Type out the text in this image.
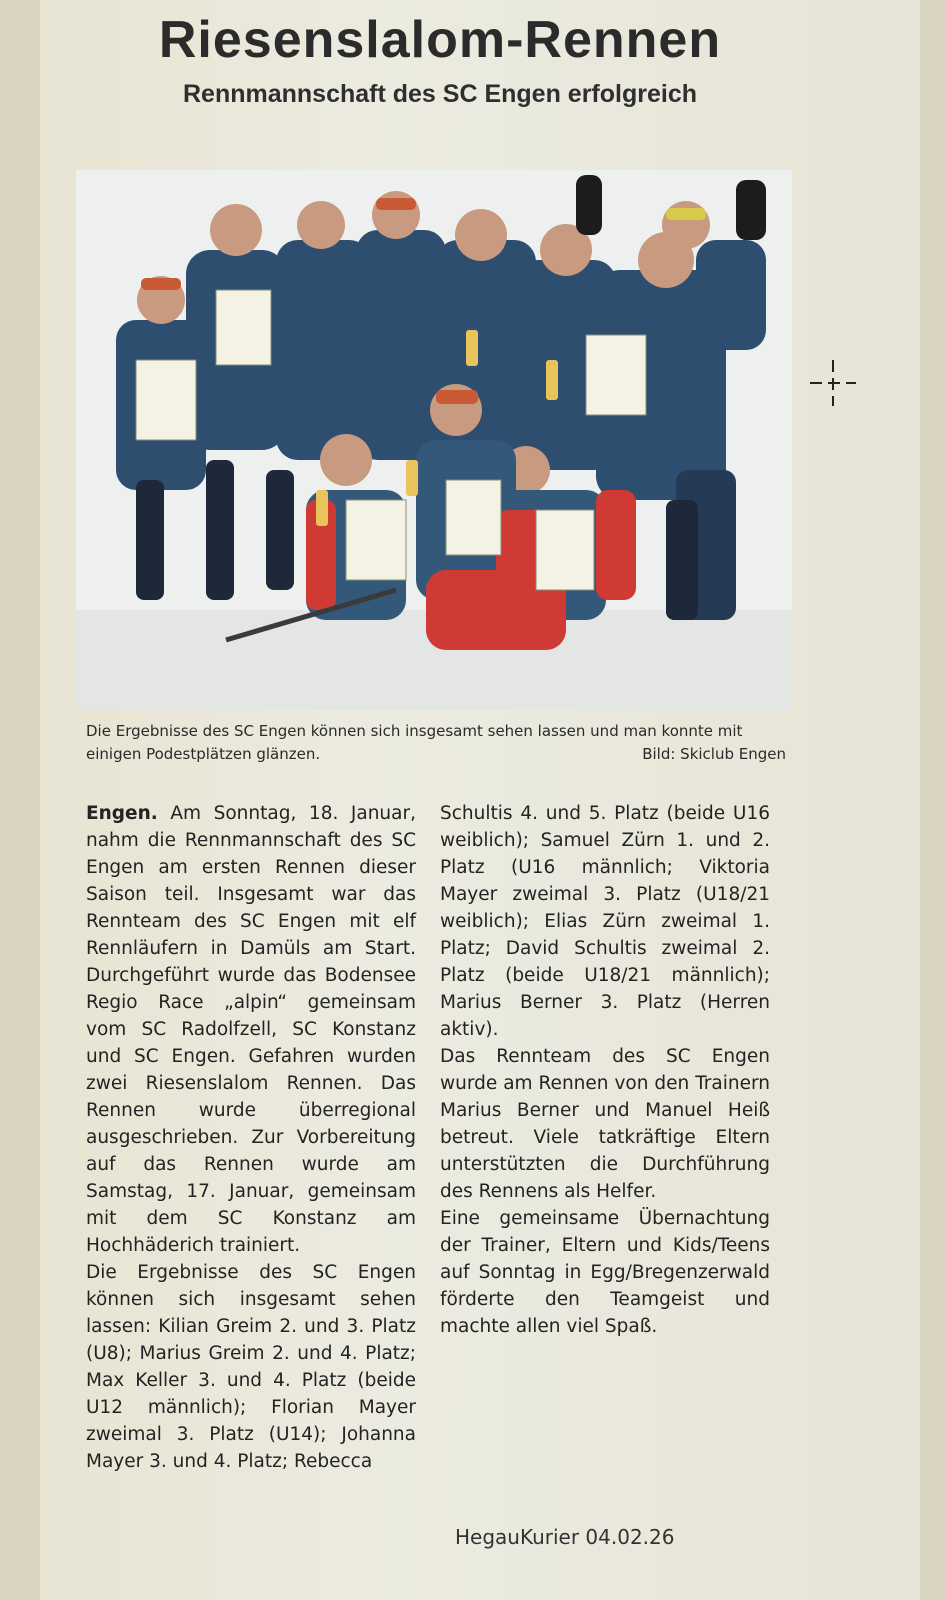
Riesenslalom-Rennen
Rennmannschaft des SC Engen erfolgreich
Die Ergebnisse des SC Engen können sich insgesamt sehen lassen und man konnte mit einigen Podestplätzen glänzen.	Bild: Skiclub Engen

Engen. Am Sonntag, 18. Januar, nahm die Rennmannschaft des SC Engen am ersten Rennen dieser Saison teil. Insgesamt war das Rennteam des SC Engen mit elf Rennläufern in Damüls am Start. Durchgeführt wurde das Bodensee Regio Race „alpin“ gemeinsam vom SC Radolfzell, SC Konstanz und SC Engen. Gefahren wurden zwei Riesenslalom Rennen. Das Rennen wurde überregional ausgeschrieben. Zur Vorbereitung auf das Rennen wurde am Samstag, 17. Januar, gemeinsam mit dem SC Konstanz am Hochhäderich trainiert.

Die Ergebnisse des SC Engen können sich insgesamt sehen lassen: Kilian Greim 2. und 3. Platz (U8); Marius Greim 2. und 4. Platz; Max Keller 3. und 4. Platz (beide U12 männlich); Florian Mayer zweimal 3. Platz (U14); Johanna Mayer 3. und 4. Platz; Rebecca

Schultis 4. und 5. Platz (beide U16 weiblich); Samuel Zürn 1. und 2. Platz (U16 männlich; Viktoria Mayer zweimal 3. Platz (U18/21 weiblich); Elias Zürn zweimal 1. Platz; David Schultis zweimal 2. Platz (beide U18/21 männlich); Marius Berner 3. Platz (Herren aktiv).

Das Rennteam des SC Engen wurde am Rennen von den Trainern Marius Berner und Manuel Heiß betreut. Viele tatkräftige Eltern unterstützten die Durchführung des Rennens als Helfer.

Eine gemeinsame Übernachtung der Trainer, Eltern und Kids/Teens auf Sonntag in Egg/Bregenzerwald förderte den Teamgeist und machte allen viel Spaß.

HegauKurier 04.02.26
